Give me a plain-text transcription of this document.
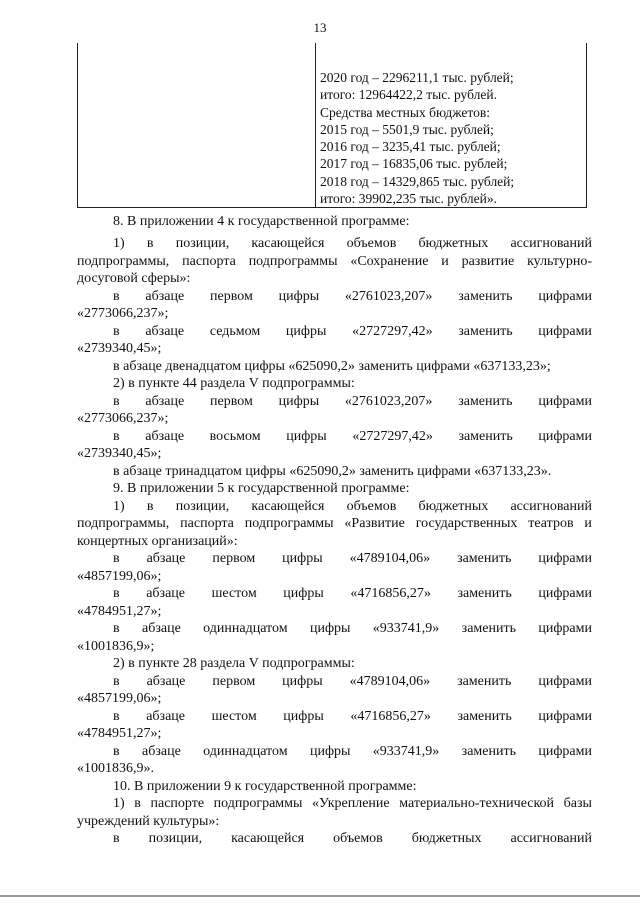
13
2020 год – 2296211,1 тыс. рублей;
итого: 12964422,2 тыс. рублей.
Средства местных бюджетов:
2015 год – 5501,9 тыс. рублей;
2016 год – 3235,41 тыс. рублей;
2017 год – 16835,06 тыс. рублей;
2018 год – 14329,865 тыс. рублей;
итого: 39902,235 тыс. рублей».
8. В приложении 4 к государственной программе:
1) в позиции, касающейся объемов бюджетных ассигнований
подпрограммы, паспорта подпрограммы «Сохранение и развитие культурно-
досуговой сферы»:
в абзаце первом цифры «2761023,207» заменить цифрами
«2773066,237»;
в абзаце седьмом цифры «2727297,42» заменить цифрами
«2739340,45»;
в абзаце двенадцатом цифры «625090,2» заменить цифрами «637133,23»;
2) в пункте 44 раздела V подпрограммы:
в абзаце первом цифры «2761023,207» заменить цифрами
«2773066,237»;
в абзаце восьмом цифры «2727297,42» заменить цифрами
«2739340,45»;
в абзаце тринадцатом цифры «625090,2» заменить цифрами «637133,23».
9. В приложении 5 к государственной программе:
1) в позиции, касающейся объемов бюджетных ассигнований
подпрограммы, паспорта подпрограммы «Развитие государственных театров и
концертных организаций»:
в абзаце первом цифры «4789104,06» заменить цифрами
«4857199,06»;
в абзаце шестом цифры «4716856,27» заменить цифрами
«4784951,27»;
в абзаце одиннадцатом цифры «933741,9» заменить цифрами
«1001836,9»;
2) в пункте 28 раздела V подпрограммы:
в абзаце первом цифры «4789104,06» заменить цифрами
«4857199,06»;
в абзаце шестом цифры «4716856,27» заменить цифрами
«4784951,27»;
в абзаце одиннадцатом цифры «933741,9» заменить цифрами
«1001836,9».
10. В приложении 9 к государственной программе:
1) в паспорте подпрограммы «Укрепление материально-технической базы
учреждений культуры»:
в позиции, касающейся объемов бюджетных ассигнований
